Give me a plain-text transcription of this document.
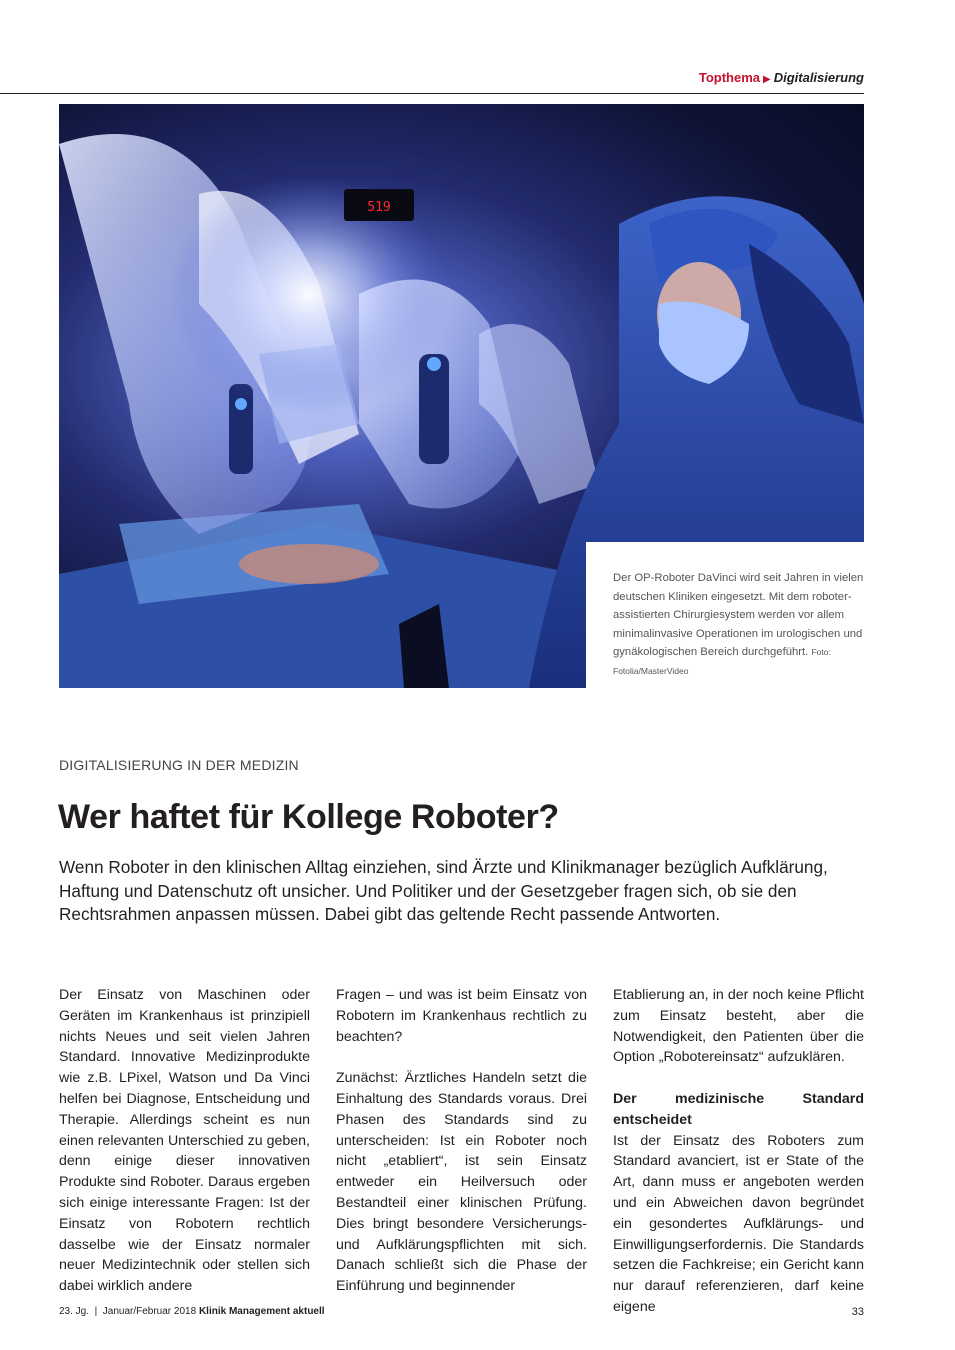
Topthema ▶ Digitalisierung
519
Der OP-Roboter DaVinci wird seit Jahren in vielen deutschen Kliniken eingesetzt. Mit dem roboter-assistierten Chirurgiesystem werden vor allem minimalinvasive Operationen im urologischen und gynäkologischen Bereich durchgeführt. Foto: Fotolia/MasterVideo
DIGITALISIERUNG IN DER MEDIZIN
Wer haftet für Kollege Roboter?

Wenn Roboter in den klinischen Alltag einziehen, sind Ärzte und Klinikmanager bezüglich Aufklärung, Haftung und Datenschutz oft unsicher. Und Politiker und der Gesetzgeber fragen sich, ob sie den Rechtsrahmen anpassen müssen. Dabei gibt das geltende Recht passende Antworten.

Der Einsatz von Maschinen oder Geräten im Krankenhaus ist prinzipiell nichts Neues und seit vielen Jahren Standard. Innovative Medizinprodukte wie z.B. LPixel, Watson und Da Vinci helfen bei Diagnose, Entscheidung und Therapie. Allerdings scheint es nun einen relevanten Unterschied zu geben, denn einige dieser innovativen Produkte sind Roboter. Daraus ergeben sich einige interessante Fragen: Ist der Einsatz von Robotern rechtlich dasselbe wie der Einsatz normaler neuer Medizintechnik oder stellen sich dabei wirklich andere

Fragen – und was ist beim Einsatz von Robotern im Krankenhaus rechtlich zu beachten?

Zunächst: Ärztliches Handeln setzt die Einhaltung des Standards voraus. Drei Phasen des Standards sind zu unterscheiden: Ist ein Roboter noch nicht „etabliert“, ist sein Einsatz entweder ein Heilversuch oder Bestandteil einer klinischen Prüfung. Dies bringt besondere Versicherungs- und Aufklärungspflichten mit sich. Danach schließt sich die Phase der Einführung und beginnender

Etablierung an, in der noch keine Pflicht zum Einsatz besteht, aber die Notwendigkeit, den Patienten über die Option „Robotereinsatz“ aufzuklären.

Der medizinische Standard entscheidet

Ist der Einsatz des Roboters zum Standard avanciert, ist er State of the Art, dann muss er angeboten werden und ein Abweichen davon begründet ein gesondertes Aufklärungs- und Einwilligungserfordernis. Die Standards setzen die Fachkreise; ein Gericht kann nur darauf referenzieren, darf keine eigene

23. Jg. | Januar/Februar 2018 Klinik Management aktuell	33
